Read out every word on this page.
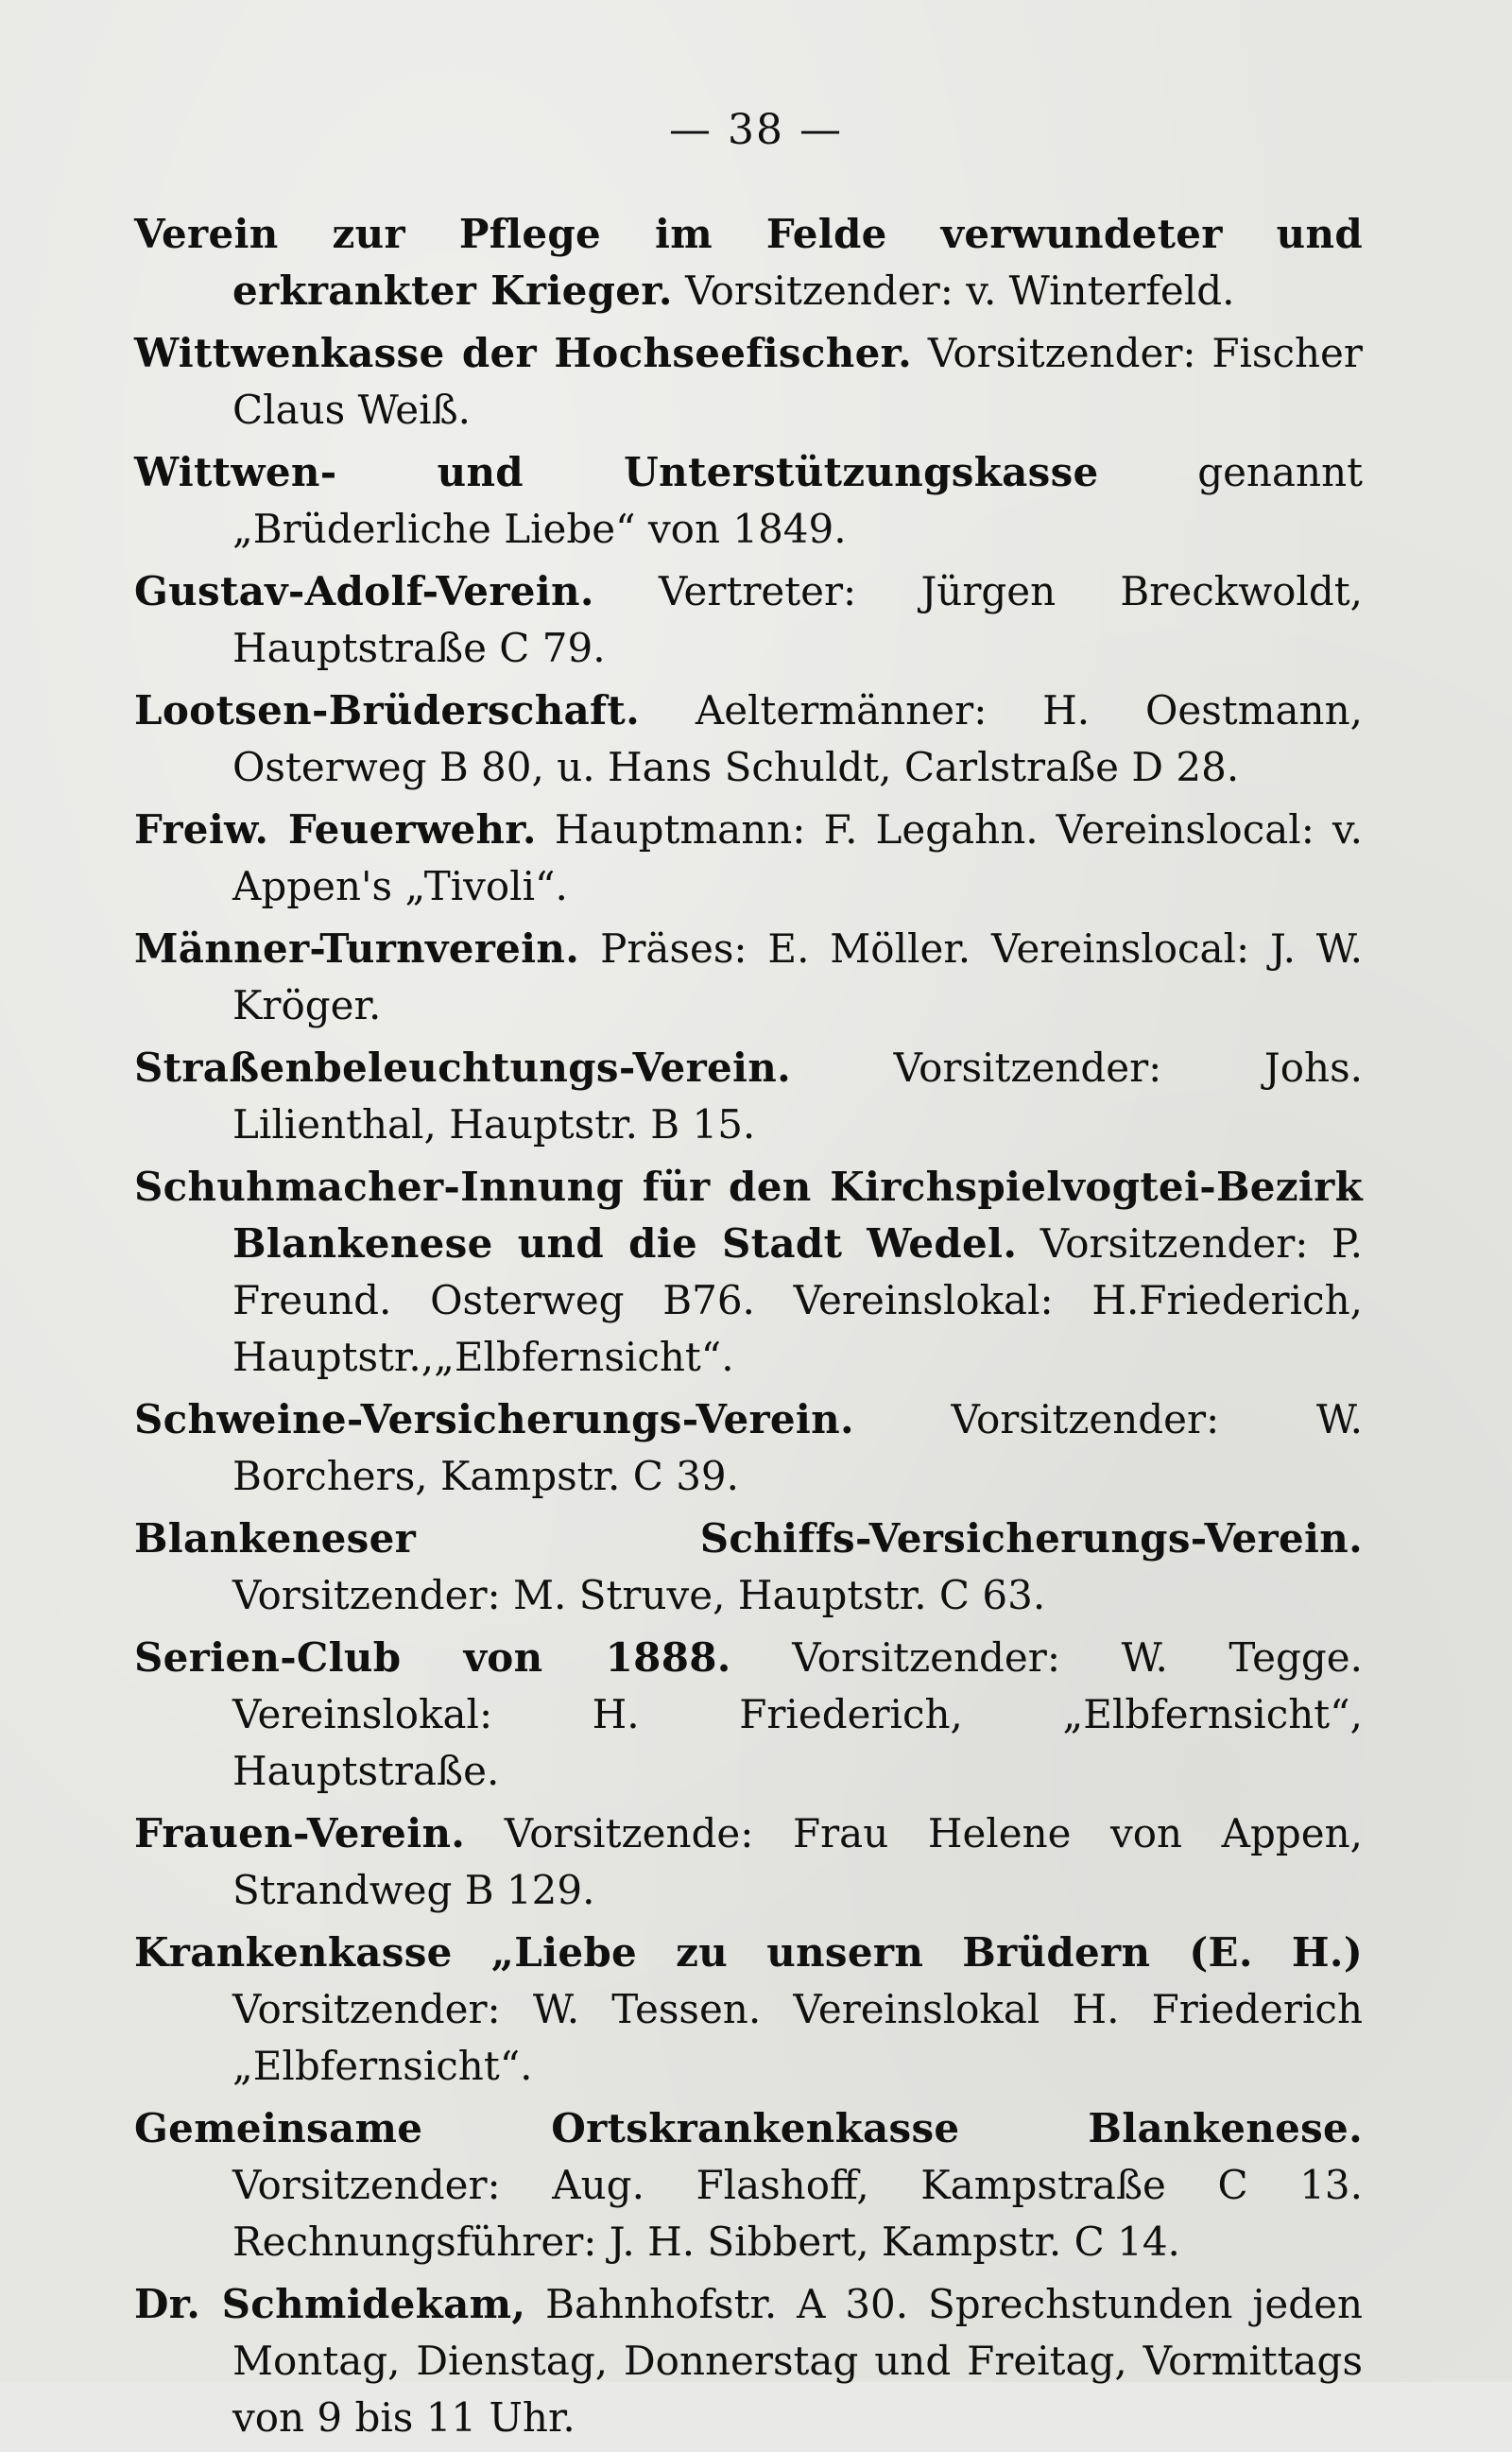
— 38 —

Verein zur Pflege im Felde verwundeter und erkrankter Krieger. Vorsitzender: v. Winterfeld.

Wittwenkasse der Hochseefischer. Vorsitzender: Fischer Claus Weiß.

Wittwen- und Unterstützungskasse genannt „Brüderliche Liebe“ von 1849.

Gustav-Adolf-Verein. Vertreter: Jürgen Breckwoldt, Hauptstraße C 79.

Lootsen-Brüderschaft. Aeltermänner: H. Oestmann, Osterweg B 80, u. Hans Schuldt, Carlstraße D 28.

Freiw. Feuerwehr. Hauptmann: F. Legahn. Vereinslocal: v. Appen's „Tivoli“.

Männer-Turnverein. Präses: E. Möller. Vereinslocal: J. W. Kröger.

Straßenbeleuchtungs-Verein.	Vorsitzender: Johs. Lilienthal, Hauptstr. B 15.

Schuhmacher-Innung für den Kirchspielvogtei-Bezirk Blankenese und die Stadt Wedel. Vorsitzender: P. Freund. Osterweg B76. Vereinslokal: H.Friederich, Hauptstr.,„Elbfernsicht“.

Schweine-Versicherungs-Verein. Vorsitzender: W. Borchers, Kampstr. C 39.

Blankeneser Schiffs-Versicherungs-Verein. Vorsitzender: M. Struve, Hauptstr. C 63.

Serien-Club von 1888. Vorsitzender: W. Tegge. Vereinslokal: H. Friederich, „Elbfernsicht“, Hauptstraße.

Frauen-Verein. Vorsitzende: Frau Helene von Appen, Strandweg B 129.

Krankenkasse „Liebe zu unsern Brüdern (E. H.) Vorsitzender: W. Tessen. Vereinslokal H. Friederich „Elbfernsicht“.

Gemeinsame Ortskrankenkasse Blankenese. Vorsitzender: Aug. Flashoff, Kampstraße C 13. Rechnungsführer: J. H. Sibbert, Kampstr. C 14.

Dr. Schmidekam, Bahnhofstr. A 30. Sprechstunden jeden Montag, Dienstag, Donnerstag und Freitag, Vormittags von 9 bis 11 Uhr.
